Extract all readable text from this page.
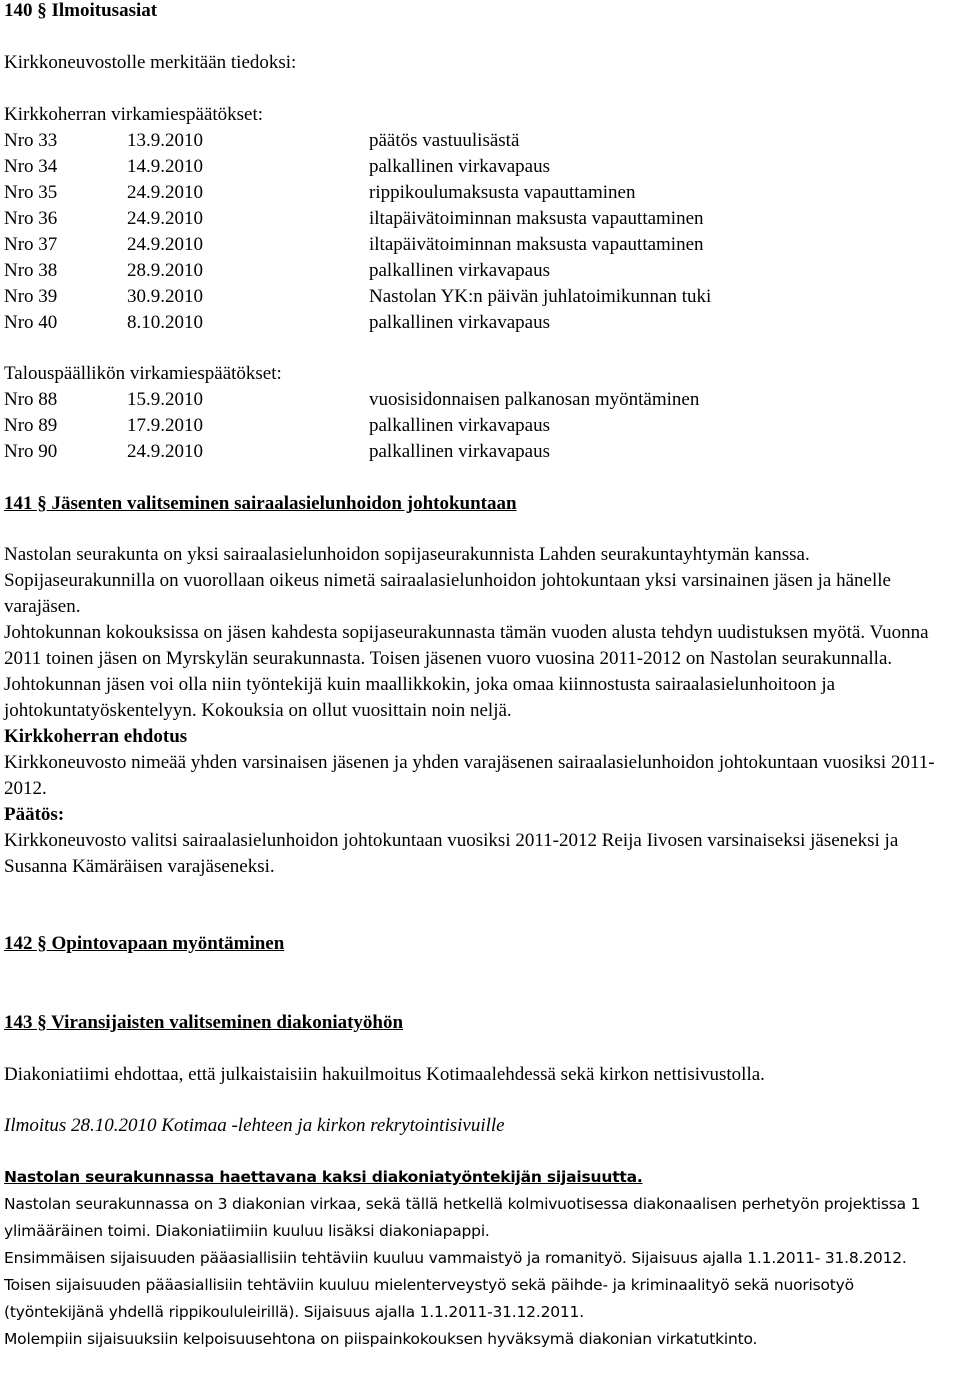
140 § Ilmoitusasiat
Kirkkoneuvostolle merkitään tiedoksi:
Kirkkoherran virkamiespäätökset:
Nro 33	13.9.2010	päätös vastuulisästä
Nro 34	14.9.2010	palkallinen virkavapaus
Nro 35	24.9.2010	rippikoulumaksusta vapauttaminen
Nro 36	24.9.2010	iltapäivätoiminnan maksusta vapauttaminen
Nro 37	24.9.2010	iltapäivätoiminnan maksusta vapauttaminen
Nro 38	28.9.2010	palkallinen virkavapaus
Nro 39	30.9.2010	Nastolan YK:n päivän juhlatoimikunnan tuki
Nro 40	8.10.2010	palkallinen virkavapaus
Talouspäällikön virkamiespäätökset:
Nro 88	15.9.2010	vuosisidonnaisen palkanosan myöntäminen
Nro 89	17.9.2010	palkallinen virkavapaus
Nro 90	24.9.2010	palkallinen virkavapaus
141 § Jäsenten valitseminen sairaalasielunhoidon johtokuntaan

Nastolan seurakunta on yksi sairaalasielunhoidon sopijaseurakunnista Lahden seurakuntayhtymän kanssa.

Sopijaseurakunnilla on vuorollaan oikeus nimetä sairaalasielunhoidon johtokuntaan yksi varsinainen jäsen ja hänelle varajäsen.

Johtokunnan kokouksissa on jäsen kahdesta sopijaseurakunnasta tämän vuoden alusta tehdyn uudistuksen myötä. Vuonna 2011 toinen jäsen on Myrskylän seurakunnasta. Toisen jäsenen vuoro vuosina 2011-2012 on Nastolan seurakunnalla.

Johtokunnan jäsen voi olla niin työntekijä kuin maallikkokin, joka omaa kiinnostusta sairaalasielunhoitoon ja johtokuntatyöskentelyyn. Kokouksia on ollut vuosittain noin neljä.

Kirkkoherran ehdotus

Kirkkoneuvosto nimeää yhden varsinaisen jäsenen ja yhden varajäsenen sairaalasielunhoidon johtokuntaan vuosiksi 2011-2012.

Päätös:

Kirkkoneuvosto valitsi sairaalasielunhoidon johtokuntaan vuosiksi 2011-2012 Reija Iivosen varsinaiseksi jäseneksi ja Susanna Kämäräisen varajäseneksi.

142 § Opintovapaan myöntäminen
143 § Viransijaisten valitseminen diakoniatyöhön
Diakoniatiimi ehdottaa, että julkaistaisiin hakuilmoitus Kotimaalehdessä sekä kirkon nettisivustolla.
Ilmoitus 28.10.2010 Kotimaa -lehteen ja kirkon rekrytointisivuille

Nastolan seurakunnassa haettavana kaksi diakoniatyöntekijän sijaisuutta.

Nastolan seurakunnassa on 3 diakonian virkaa, sekä tällä hetkellä kolmivuotisessa diakonaalisen perhetyön projektissa 1 ylimääräinen toimi. Diakoniatiimiin kuuluu lisäksi diakoniapappi.

Ensimmäisen sijaisuuden pääasiallisiin tehtäviin kuuluu vammaistyö ja romanityö. Sijaisuus ajalla 1.1.2011- 31.8.2012.

Toisen sijaisuuden pääasiallisiin tehtäviin kuuluu mielenterveystyö sekä päihde- ja kriminaalityö sekä nuorisotyö (työntekijänä yhdellä rippikoululeirillä). Sijaisuus ajalla 1.1.2011-31.12.2011.

Molempiin sijaisuuksiin kelpoisuusehtona on piispainkokouksen hyväksymä diakonian virkatutkinto.
